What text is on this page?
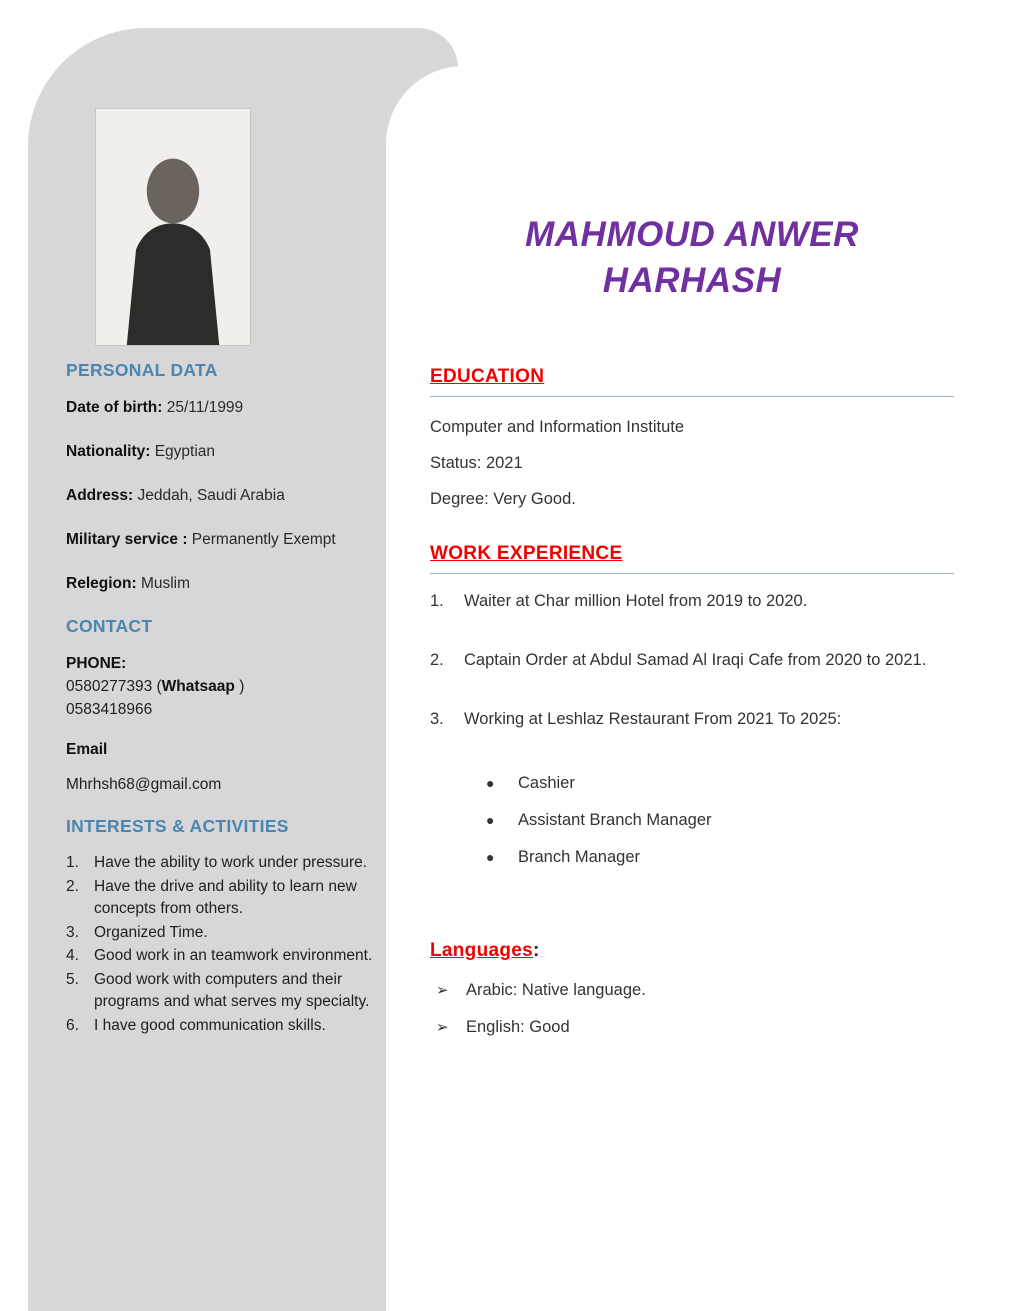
PERSONAL DATA

Date of birth: 25/11/1999

Nationality: Egyptian

Address: Jeddah, Saudi Arabia

Military service : Permanently Exempt

Relegion: Muslim

CONTACT

PHONE:

0580277393 (Whatsaap )

0583418966

Email

Mhrhsh68@gmail.com

INTERESTS & ACTIVITIES

1. Have the ability to work under pressure.
2. Have the drive and ability to learn new concepts from others.
3. Organized Time.
4. Good work in an teamwork environment.
5. Good work with computers and their programs and what serves my specialty.
6. I have good communication skills.
MAHMOUD ANWER
HARHASH
EDUCATION

Computer and Information Institute

Status: 2021

Degree: Very Good.

WORK EXPERIENCE
1.	Waiter at Char million Hotel from 2019 to 2020.
2.	Captain Order at Abdul Samad Al Iraqi Cafe from 2020 to 2021.
3.	Working at Leshlaz Restaurant From 2021 To 2025:
●	Cashier
●	Assistant Branch Manager
●	Branch Manager
Languages:
➢	Arabic: Native language.
➢	English: Good
